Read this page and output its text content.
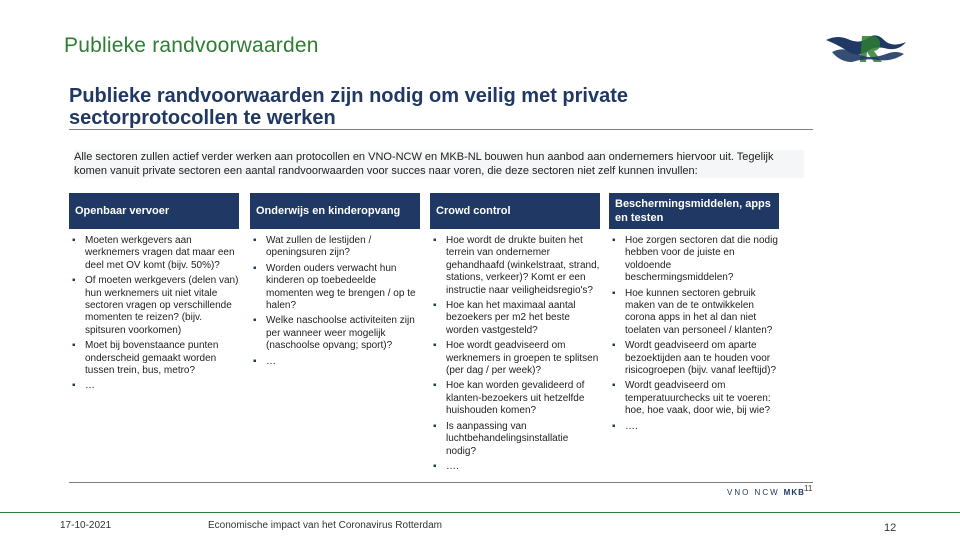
Publieke randvoorwaarden
Publieke randvoorwaarden zijn nodig om veilig met private sectorprotocollen te werken
Alle sectoren zullen actief verder werken aan protocollen en VNO-NCW en MKB-NL bouwen hun aanbod aan ondernemers hiervoor uit. Tegelijk komen vanuit private sectoren een aantal randvoorwaarden voor succes naar voren, die deze sectoren niet zelf kunnen invullen:
Openbaar vervoer
▪ Moeten werkgevers aan werknemers vragen dat maar een deel met OV komt (bijv. 50%)?
▪ Of moeten werkgevers (delen van) hun werknemers uit niet vitale sectoren vragen op verschillende momenten te reizen? (bijv. spitsuren voorkomen)
▪ Moet bij bovenstaance punten onderscheid gemaakt worden tussen trein, bus, metro?
▪ …
Onderwijs en kinderopvang
▪ Wat zullen de lestijden / openingsuren zijn?
▪ Worden ouders verwacht hun kinderen op toebedeelde momenten weg te brengen / op te halen?
▪ Welke naschoolse activiteiten zijn per wanneer weer mogelijk (naschoolse opvang; sport)?
▪ …
Crowd control
▪ Hoe wordt de drukte buiten het terrein van ondernemer gehandhaafd (winkelstraat, strand, stations, verkeer)? Komt er een instructie naar veiligheidsregio's?
▪ Hoe kan het maximaal aantal bezoekers per m2 het beste worden vastgesteld?
▪ Hoe wordt geadviseerd om werknemers in groepen te splitsen (per dag / per week)?
▪ Hoe kan worden gevalideerd of klanten-bezoekers uit hetzelfde huishouden komen?
▪ Is aanpassing van luchtbehandelingsinstallatie nodig?
▪ ….
Beschermingsmiddelen, apps en testen
▪ Hoe zorgen sectoren dat die nodig hebben voor de juiste en voldoende beschermingsmiddelen?
▪ Hoe kunnen sectoren gebruik maken van de te ontwikkelen corona apps in het al dan niet toelaten van personeel / klanten?
▪ Wordt geadviseerd om aparte bezoektijden aan te houden voor risicogroepen (bijv. vanaf leeftijd)?
▪ Wordt geadviseerd om temperatuurchecks uit te voeren: hoe, hoe vaak, door wie, bij wie?
▪ ….
VNO NCW MKB 11
17-10-2021	Economische impact van het Coronavirus Rotterdam	12
